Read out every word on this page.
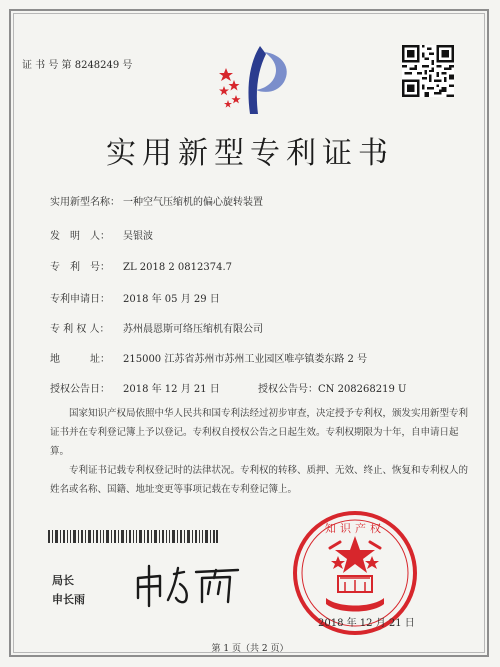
证 书 号 第 8248249 号
实用新型专利证书
实用新型名称： 一种空气压缩机的偏心旋转装置
发　明　人： 吴银波
专　利　号： ZL 2018 2 0812374.7
专利申请日： 2018 年 05 月 29 日
专 利 权 人： 苏州晨恩斯可络压缩机有限公司
地　　　址： 215000 江苏省苏州市苏州工业园区唯亭镇娄东路 2 号
授权公告日： 2018 年 12 月 21 日	授权公告号：CN 208268219 U

国家知识产权局依照中华人民共和国专利法经过初步审查，决定授予专利权，颁发实用新型专利证书并在专利登记簿上予以登记。专利权自授权公告之日起生效。专利权期限为十年，自申请日起算。

专利证书记载专利权登记时的法律状况。专利权的转移、质押、无效、终止、恢复和专利权人的姓名或名称、国籍、地址变更等事项记载在专利登记簿上。

局长
申长雨
知识产权
2018 年 12 月 21 日
第 1 页（共 2 页）
